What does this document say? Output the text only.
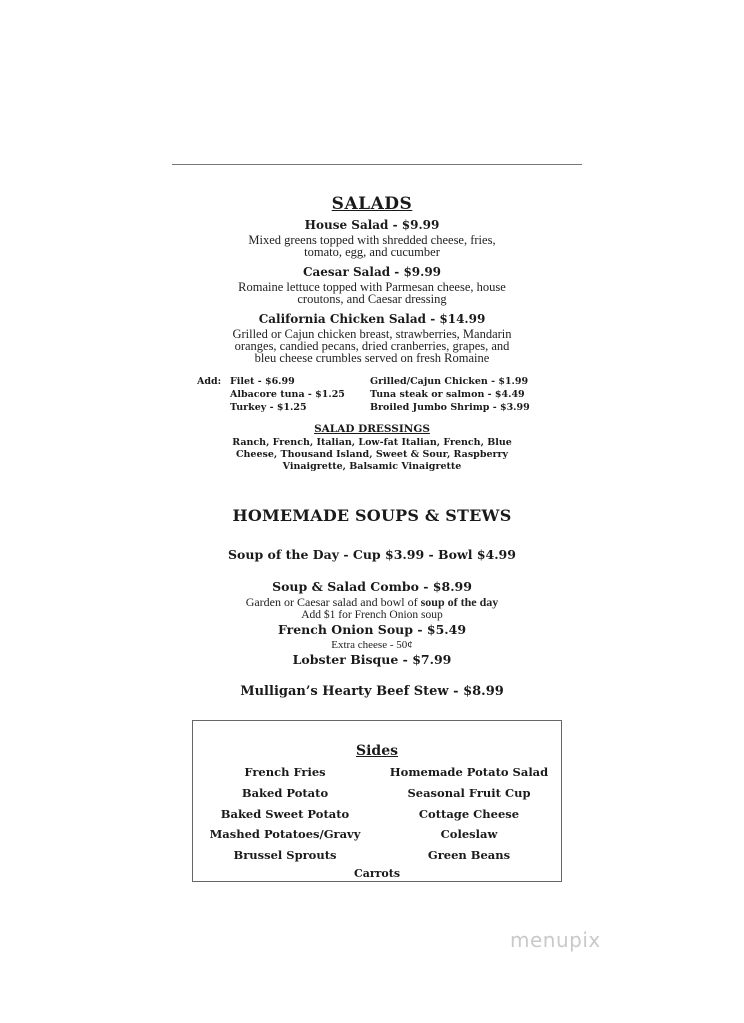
SALADS
House Salad - $9.99
Mixed greens topped with shredded cheese, fries,
tomato, egg, and cucumber
Caesar Salad - $9.99
Romaine lettuce topped with Parmesan cheese, house
croutons, and Caesar dressing
California Chicken Salad - $14.99
Grilled or Cajun chicken breast, strawberries, Mandarin
oranges, candied pecans, dried cranberries, grapes, and
bleu cheese crumbles served on fresh Romaine
Add: Filet - $6.99
Albacore tuna - $1.25
Turkey - $1.25
Grilled/Cajun Chicken - $1.99
Tuna steak or salmon - $4.49
Broiled Jumbo Shrimp - $3.99
SALAD DRESSINGS
Ranch, French, Italian, Low-fat Italian, French, Blue
Cheese, Thousand Island, Sweet & Sour, Raspberry
Vinaigrette, Balsamic Vinaigrette
HOMEMADE SOUPS & STEWS
Soup of the Day - Cup $3.99 - Bowl $4.99
Soup & Salad Combo - $8.99
Garden or Caesar salad and bowl of soup of the day
Add $1 for French Onion soup
French Onion Soup - $5.49
Extra cheese - 50¢
Lobster Bisque - $7.99
Mulligan’s Hearty Beef Stew - $8.99
Sides
French Fries
Baked Potato
Baked Sweet Potato
Mashed Potatoes/Gravy
Brussel Sprouts
Homemade Potato Salad
Seasonal Fruit Cup
Cottage Cheese
Coleslaw
Green Beans
Carrots
menupix
